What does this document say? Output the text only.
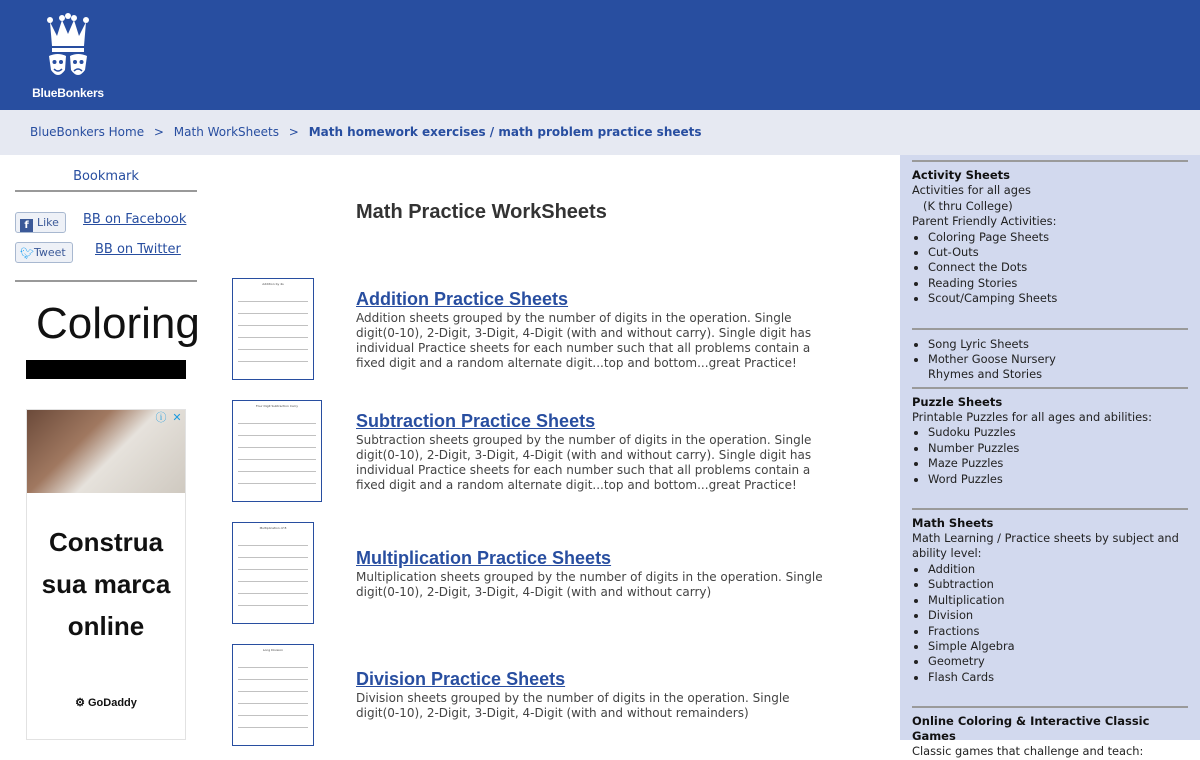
BlueBonkers
BlueBonkers Home > Math WorkSheets > Math homework exercises / math problem practice sheets
Bookmark
f Like	BB on Facebook
🐦︎Tweet	BB on Twitter
Coloring
ⓘ ✕
Construa
sua marca
online
⚙︎ GoDaddy
Math Practice WorkSheets
Addition by 4s
Addition Practice Sheets

Addition sheets grouped by the number of digits in the operation. Single digit(0-10), 2-Digit, 3-Digit, 4-Digit (with and without carry). Single digit has individual Practice sheets for each number such that all problems contain a fixed digit and a random alternate digit...top and bottom...great Practice!

Four Digit Subtraction Carry
Subtraction Practice Sheets

Subtraction sheets grouped by the number of digits in the operation. Single digit(0-10), 2-Digit, 3-Digit, 4-Digit (with and without carry). Single digit has individual Practice sheets for each number such that all problems contain a fixed digit and a random alternate digit...top and bottom...great Practice!

Multiplication of 8
Multiplication Practice Sheets

Multiplication sheets grouped by the number of digits in the operation. Single digit(0-10), 2-Digit, 3-Digit, 4-Digit (with and without carry)

Long Division
Division Practice Sheets

Division sheets grouped by the number of digits in the operation. Single digit(0-10), 2-Digit, 3-Digit, 4-Digit (with and without remainders)

Activity Sheets
Activities for all ages
(K thru College)
Parent Friendly Activities:
• Coloring Page Sheets
• Cut-Outs
• Connect the Dots
• Reading Stories
• Scout/Camping Sheets
• Song Lyric Sheets
• Mother Goose Nursery
Rhymes and Stories
Puzzle Sheets
Printable Puzzles for all ages and abilities:
• Sudoku Puzzles
• Number Puzzles
• Maze Puzzles
• Word Puzzles
Math Sheets
Math Learning / Practice sheets by subject and ability level:
• Addition
• Subtraction
• Multiplication
• Division
• Fractions
• Simple Algebra
• Geometry
• Flash Cards
Online Coloring & Interactive Classic Games
Classic games that challenge and teach:
